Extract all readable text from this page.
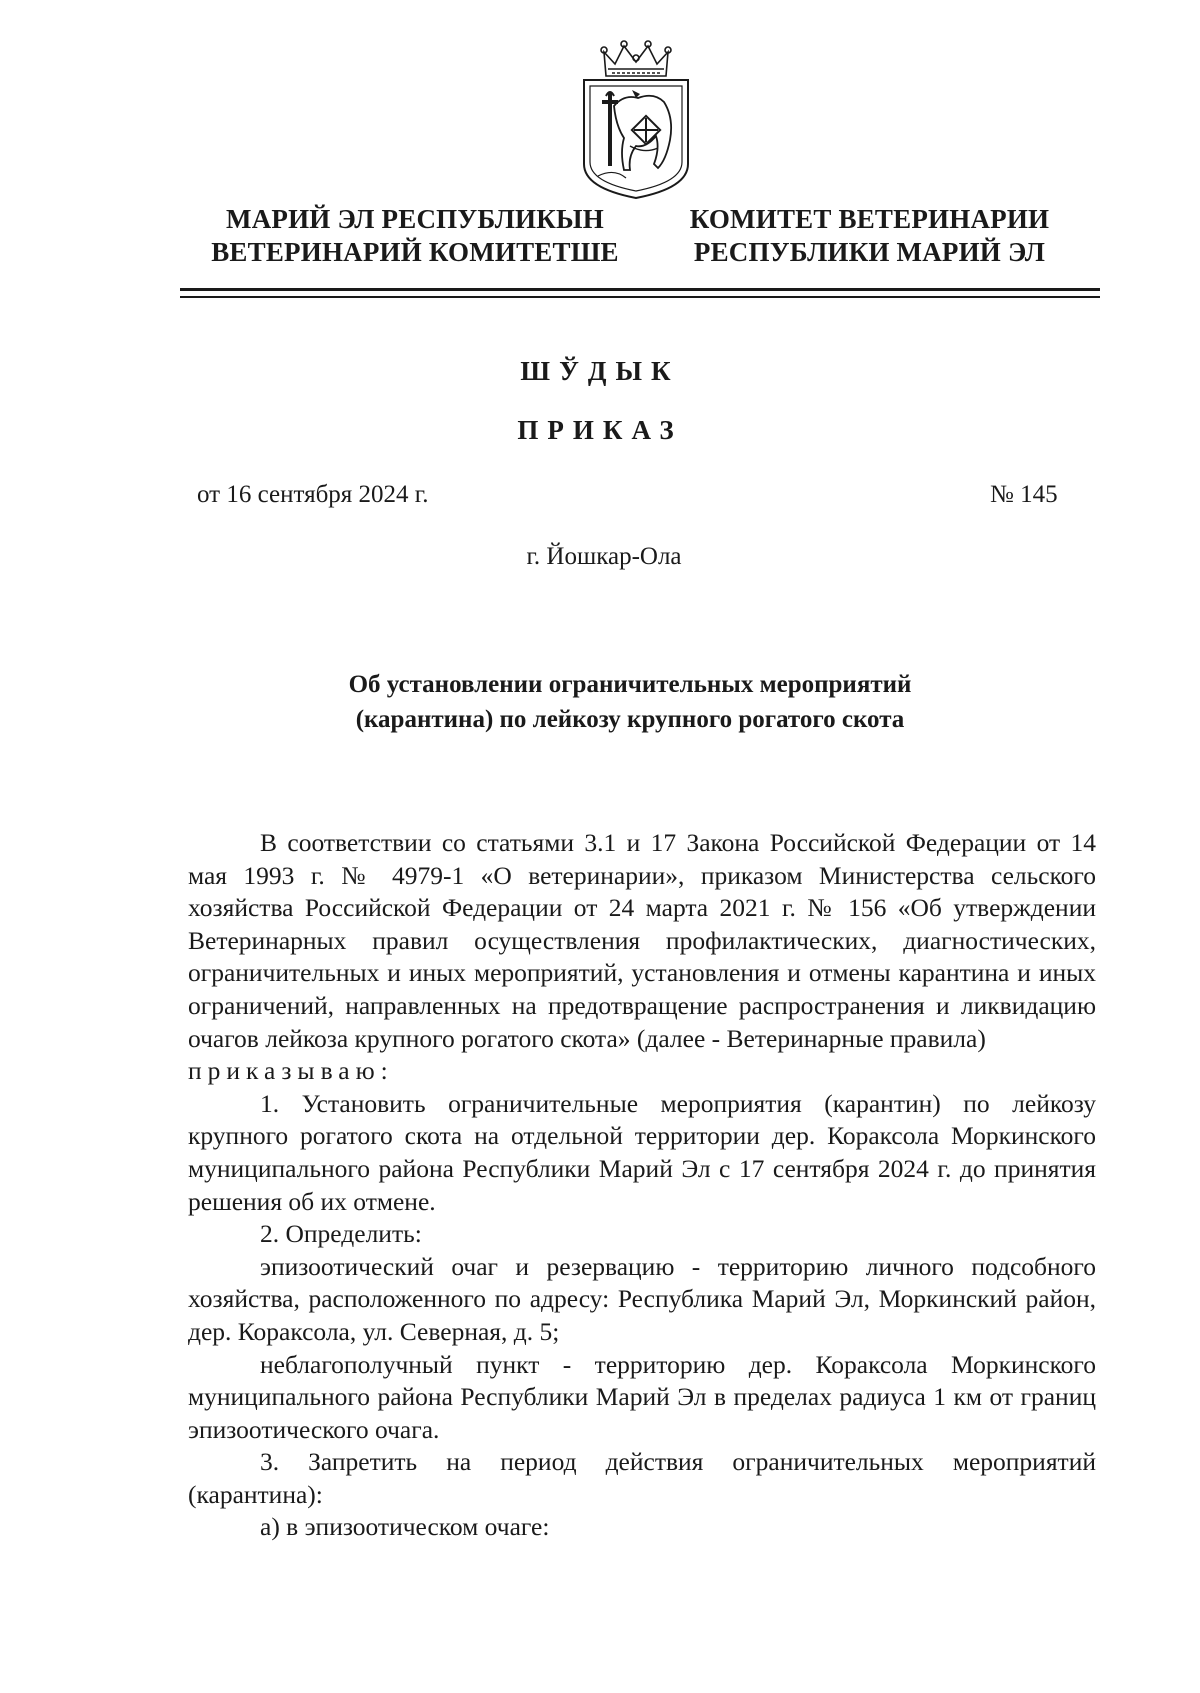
МАРИЙ ЭЛ РЕСПУБЛИКЫН
ВЕТЕРИНАРИЙ КОМИТЕТШЕ
КОМИТЕТ ВЕТЕРИНАРИИ
РЕСПУБЛИКИ МАРИЙ ЭЛ
ШЎДЫК
ПРИКАЗ
от 16 сентября 2024 г.	№ 145
г. Йошкар-Ола
Об установлении ограничительных мероприятий
(карантина) по лейкозу крупного рогатого скота

В соответствии со статьями 3.1 и 17 Закона Российской Федерации от 14 мая 1993 г. № 4979-1 «О ветеринарии», приказом Министерства сельского хозяйства Российской Федерации от 24 марта 2021 г. № 156 «Об утверждении Ветеринарных правил осуществления профилактических, диагностических, ограничительных и иных мероприятий, установления и отмены карантина и иных ограничений, направленных на предотвращение распространения и ликвидацию очагов лейкоза крупного рогатого скота» (далее - Ветеринарные правила)

приказываю:

1. Установить ограничительные мероприятия (карантин) по лейкозу крупного рогатого скота на отдельной территории дер. Кораксола Моркинского муниципального района Республики Марий Эл с 17 сентября 2024 г. до принятия решения об их отмене.

2. Определить:

эпизоотический очаг и резервацию - территорию личного подсобного хозяйства, расположенного по адресу: Республика Марий Эл, Моркинский район, дер. Кораксола, ул. Северная, д. 5;

неблагополучный пункт - территорию дер. Кораксола Моркинского муниципального района Республики Марий Эл в пределах радиуса 1 км от границ эпизоотического очага.

3. Запретить на период действия ограничительных мероприятий (карантина):

а) в эпизоотическом очаге:
